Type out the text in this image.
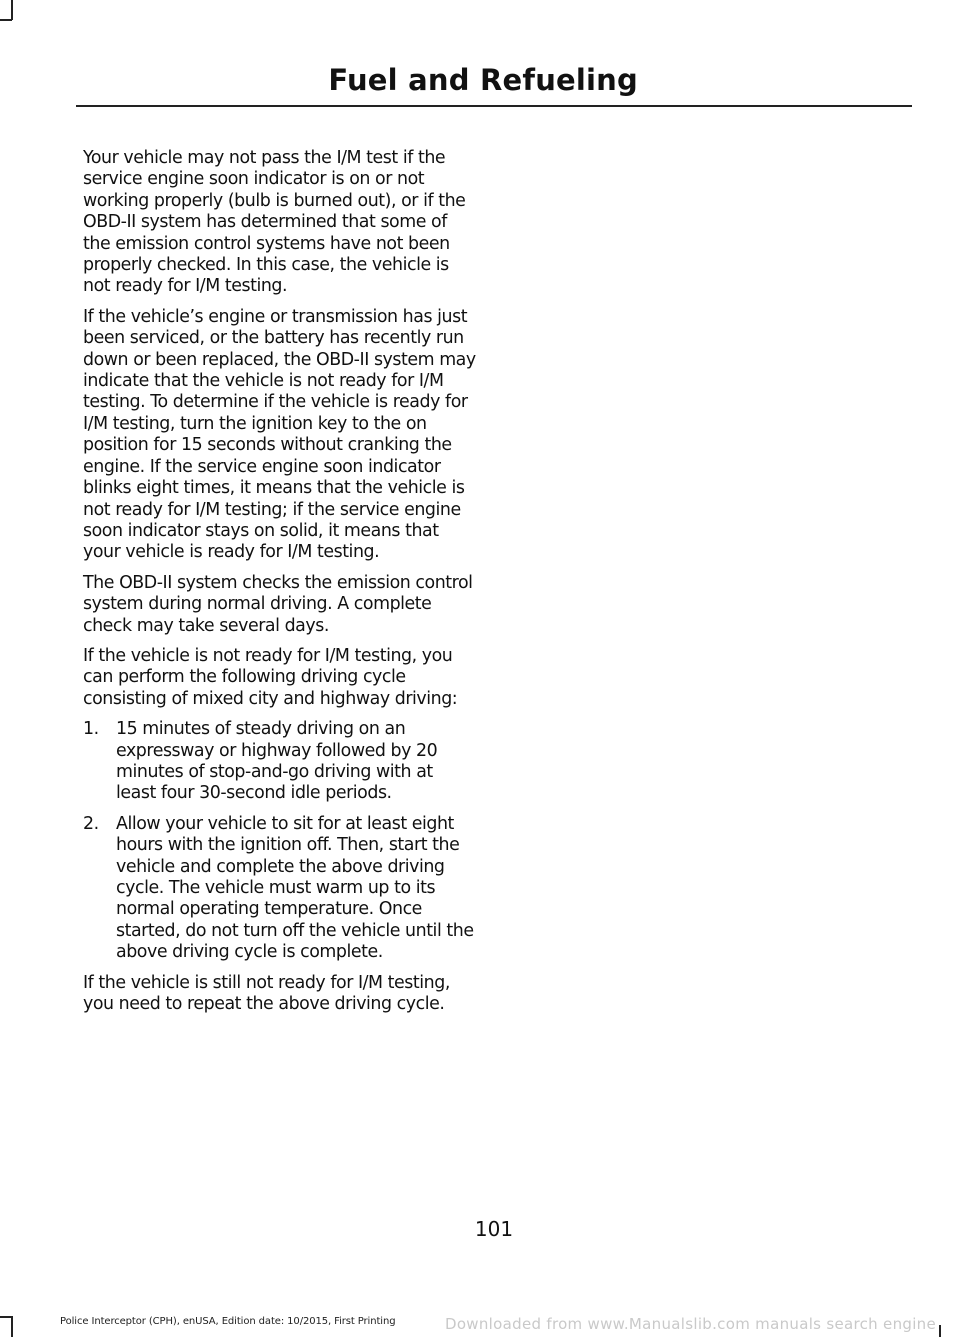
Fuel and Refueling

Your vehicle may not pass the I/M test if the service engine soon indicator is on or not working properly (bulb is burned out), or if the OBD-II system has determined that some of the emission control systems have not been properly checked. In this case, the vehicle is not ready for I/M testing.

If the vehicle’s engine or transmission has just been serviced, or the battery has recently run down or been replaced, the OBD-II system may indicate that the vehicle is not ready for I/M testing. To determine if the vehicle is ready for I/M testing, turn the ignition key to the on position for 15 seconds without cranking the engine. If the service engine soon indicator blinks eight times, it means that the vehicle is not ready for I/M testing; if the service engine soon indicator stays on solid, it means that your vehicle is ready for I/M testing.

The OBD-II system checks the emission control system during normal driving. A complete check may take several days.

If the vehicle is not ready for I/M testing, you can perform the following driving cycle consisting of mixed city and highway driving:

1. 15 minutes of steady driving on an expressway or highway followed by 20 minutes of stop-and-go driving with at least four 30-second idle periods.
2. Allow your vehicle to sit for at least eight hours with the ignition off. Then, start the vehicle and complete the above driving cycle. The vehicle must warm up to its normal operating temperature. Once started, do not turn off the vehicle until the above driving cycle is complete.

If the vehicle is still not ready for I/M testing, you need to repeat the above driving cycle.

101
Police Interceptor (CPH), enUSA, Edition date: 10/2015, First Printing	Downloaded from www.Manualslib.com manuals search engine
